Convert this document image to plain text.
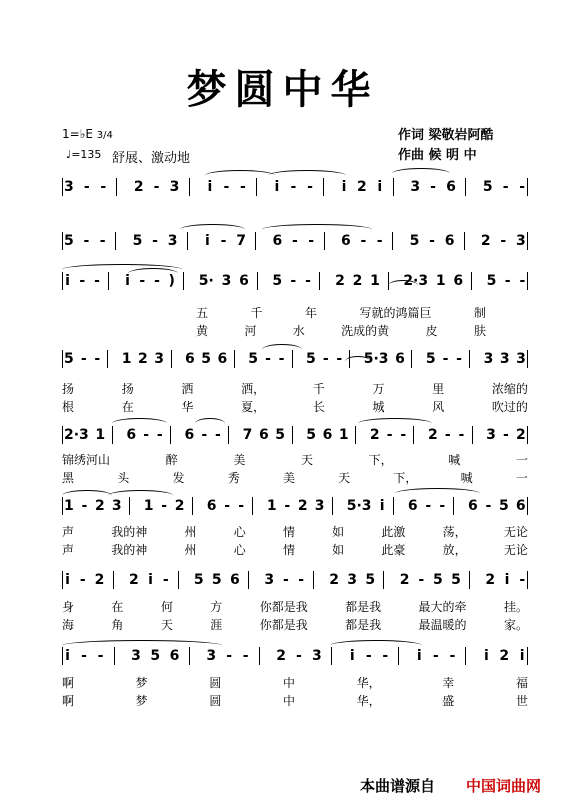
梦圆中华
1=♭E 3/4
♩=135 舒展、激动地
作词 梁敬岩阿酷
作曲 候 明 中
3 - - 2 - 3 i - - i - - i 2 i 3 - 6 5 - -
5 - - 5 - 3 i - 7 6 - - 6 - - 5 - 6 2 - 3
i - - i - - ) 5· 3 6 5 - - 2 2 1 2·3 1 6 5 - -
5 - - 1 2 3 6 5 6 5 - - 5 - - 5·3 6 5 - - 3 3 3
2·3 1 6 - - 6 - - 7 6 5 5 6 1 2 - - 2 - - 3 - 2
1 - 2 3 1 - 2 6 - - 1 - 2 3 5·3 i 6 - - 6 - 5 6
i - 2 2 i - 5 5 6 3 - - 2 3 5 2 - 5 5 2 i -
i - - 3 5 6 3 - - 2 - 3 i - - i - - i 2 i
五	千	年	写就的鸿篇巨	制
黄	河	水	洗成的黄	皮	肤
扬	扬	洒	洒，	千	万	里	浓缩的
根	在	华	夏，	长	城	风	吹过的
锦绣河山	醉	美	天	下，	喊	一
黑	头	发	秀	美	天	下，	喊	一
声	我的神	州	心	情	如	此激	荡，	无论
声	我的神	州	心	情	如	此豪	放，	无论
身	在	何	方	你都是我	都是我	最大的牵	挂。
海	角	天	涯	你都是我	都是我	最温暖的	家。
啊	梦	圆	中	华，	幸	福
啊	梦	圆	中	华，	盛	世
本曲谱源自 中国词曲网
